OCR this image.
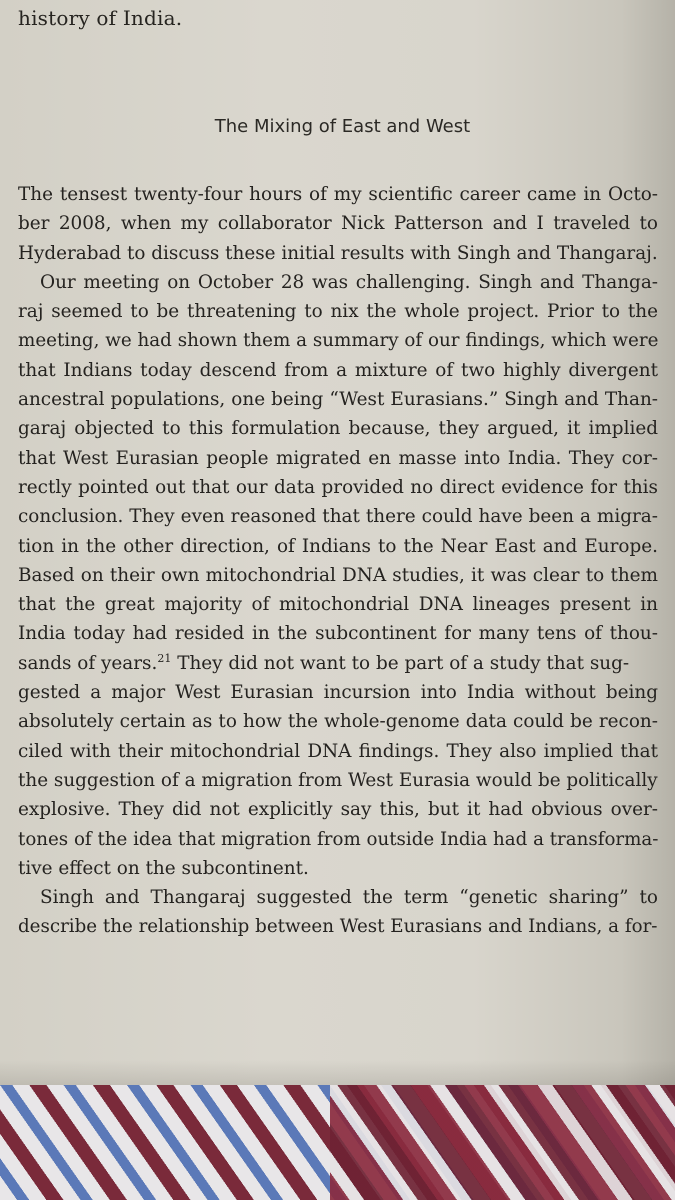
history of India.
The Mixing of East and West
The tensest twenty-four hours of my scientific career came in Octo-
ber 2008, when my collaborator Nick Patterson and I traveled to
Hyderabad to discuss these initial results with Singh and Thangaraj.
Our meeting on October 28 was challenging. Singh and Thanga-
raj seemed to be threatening to nix the whole project. Prior to the
meeting, we had shown them a summary of our findings, which were
that Indians today descend from a mixture of two highly divergent
ancestral populations, one being “West Eurasians.” Singh and Than-
garaj objected to this formulation because, they argued, it implied
that West Eurasian people migrated en masse into India. They cor-
rectly pointed out that our data provided no direct evidence for this
conclusion. They even reasoned that there could have been a migra-
tion in the other direction, of Indians to the Near East and Europe.
Based on their own mitochondrial DNA studies, it was clear to them
that the great majority of mitochondrial DNA lineages present in
India today had resided in the subcontinent for many tens of thou-
sands of years.$^{21}$ They did not want to be part of a study that sug-
gested a major West Eurasian incursion into India without being
absolutely certain as to how the whole-genome data could be recon-
ciled with their mitochondrial DNA findings. They also implied that
the suggestion of a migration from West Eurasia would be politically
explosive. They did not explicitly say this, but it had obvious over-
tones of the idea that migration from outside India had a transforma-
tive effect on the subcontinent.
Singh and Thangaraj suggested the term “genetic sharing” to
describe the relationship between West Eurasians and Indians, a for-
